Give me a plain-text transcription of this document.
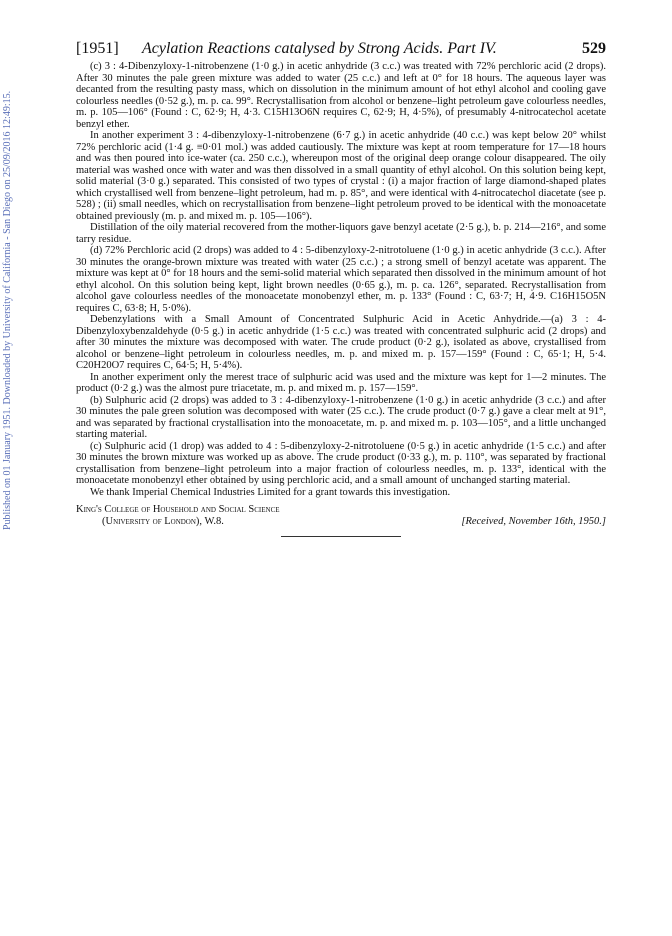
Published on 01 January 1951. Downloaded by University of California - San Diego on 25/09/2016 12:49:15.
[1951]	Acylation Reactions catalysed by Strong Acids. Part IV.	529

(c) 3 : 4-Dibenzyloxy-1-nitrobenzene (1·0 g.) in acetic anhydride (3 c.c.) was treated with 72% perchloric acid (2 drops). After 30 minutes the pale green mixture was added to water (25 c.c.) and left at 0° for 18 hours. The aqueous layer was decanted from the resulting pasty mass, which on dissolution in the minimum amount of hot ethyl alcohol and cooling gave colourless needles (0·52 g.), m. p. ca. 99°. Recrystallisation from alcohol or benzene–light petroleum gave colourless needles, m. p. 105—106° (Found : C, 62·9; H, 4·3. C15H13O6N requires C, 62·9; H, 4·5%), of presumably 4-nitrocatechol acetate benzyl ether.

In another experiment 3 : 4-dibenzyloxy-1-nitrobenzene (6·7 g.) in acetic anhydride (40 c.c.) was kept below 20° whilst 72% perchloric acid (1·4 g. ≡0·01 mol.) was added cautiously. The mixture was kept at room temperature for 17—18 hours and was then poured into ice-water (ca. 250 c.c.), whereupon most of the original deep orange colour disappeared. The oily material was washed once with water and was then dissolved in a small quantity of ethyl alcohol. On this solution being kept, solid material (3·0 g.) separated. This consisted of two types of crystal : (i) a major fraction of large diamond-shaped plates which crystallised well from benzene–light petroleum, had m. p. 85°, and were identical with 4-nitrocatechol diacetate (see p. 528) ; (ii) small needles, which on recrystallisation from benzene–light petroleum proved to be identical with the monoacetate obtained previously (m. p. and mixed m. p. 105—106°).

Distillation of the oily material recovered from the mother-liquors gave benzyl acetate (2·5 g.), b. p. 214—216°, and some tarry residue.

(d) 72% Perchloric acid (2 drops) was added to 4 : 5-dibenzyloxy-2-nitrotoluene (1·0 g.) in acetic anhydride (3 c.c.). After 30 minutes the orange-brown mixture was treated with water (25 c.c.) ; a strong smell of benzyl acetate was apparent. The mixture was kept at 0° for 18 hours and the semi-solid material which separated then dissolved in the minimum amount of hot ethyl alcohol. On this solution being kept, light brown needles (0·65 g.), m. p. ca. 126°, separated. Recrystallisation from alcohol gave colourless needles of the monoacetate monobenzyl ether, m. p. 133° (Found : C, 63·7; H, 4·9. C16H15O5N requires C, 63·8; H, 5·0%).

Debenzylations with a Small Amount of Concentrated Sulphuric Acid in Acetic Anhydride.—(a) 3 : 4-Dibenzyloxybenzaldehyde (0·5 g.) in acetic anhydride (1·5 c.c.) was treated with concentrated sulphuric acid (2 drops) and after 30 minutes the mixture was decomposed with water. The crude product (0·2 g.), isolated as above, crystallised from alcohol or benzene–light petroleum in colourless needles, m. p. and mixed m. p. 157—159° (Found : C, 65·1; H, 5·4. C20H20O7 requires C, 64·5; H, 5·4%).

In another experiment only the merest trace of sulphuric acid was used and the mixture was kept for 1—2 minutes. The product (0·2 g.) was the almost pure triacetate, m. p. and mixed m. p. 157—159°.

(b) Sulphuric acid (2 drops) was added to 3 : 4-dibenzyloxy-1-nitrobenzene (1·0 g.) in acetic anhydride (3 c.c.) and after 30 minutes the pale green solution was decomposed with water (25 c.c.). The crude product (0·7 g.) gave a clear melt at 91°, and was separated by fractional crystallisation into the monoacetate, m. p. and mixed m. p. 103—105°, and a little unchanged starting material.

(c) Sulphuric acid (1 drop) was added to 4 : 5-dibenzyloxy-2-nitrotoluene (0·5 g.) in acetic anhydride (1·5 c.c.) and after 30 minutes the brown mixture was worked up as above. The crude product (0·33 g.), m. p. 110°, was separated by fractional crystallisation from benzene–light petroleum into a major fraction of colourless needles, m. p. 133°, identical with the monoacetate monobenzyl ether obtained by using perchloric acid, and a small amount of unchanged starting material.

We thank Imperial Chemical Industries Limited for a grant towards this investigation.

King's College of Household and Social Science
(University of London), W.8.	[Received, November 16th, 1950.]
